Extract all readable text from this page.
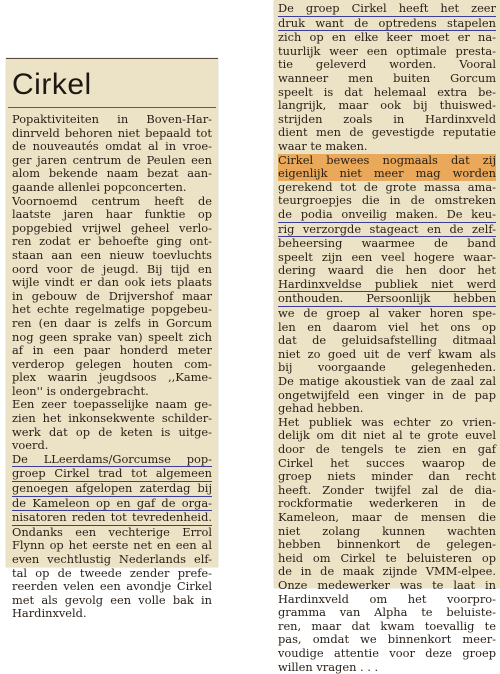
Cirkel
Popaktiviteiten in Boven-Har-
dinrveld behoren niet bepaald tot
de nouveautés omdat al in vroe-
ger jaren centrum de Peulen een
alom bekende naam bezat aan-
gaande allenlei popconcerten.
Voornoemd centrum heeft de
laatste jaren haar funktie op
popgebied vrijwel geheel verlo-
ren zodat er behoefte ging ont-
staan aan een nieuw toevluchts
oord voor de jeugd. Bij tijd en
wijle vindt er dan ook iets plaats
in gebouw de Drijvershof maar
het echte regelmatige popgebeu-
ren (en daar is zelfs in Gorcum
nog geen sprake van) speelt zich
af in een paar honderd meter
verderop gelegen houten com-
plex waarin jeugdsoos ,,Kame-
leon'' is ondergebracht.
Een zeer toepasselijke naam ge-
zien het inkonsekwente schilder-
werk dat op de keten is uitge-
voerd.
De LLeerdams/Gorcumse pop-
groep Cirkel trad tot algemeen
genoegen afgelopen zaterdag bij
de Kameleon op en gaf de orga-
nisatoren reden tot tevredenheid.
Ondanks een vechterige Errol
Flynn op het eerste net en een al
even vechtlustig Nederlands elf-
tal op de tweede zender prefe-
reerden velen een avondje Cirkel
met als gevolg een volle bak in
Hardinxveld.
De groep Cirkel heeft het zeer
druk want de optredens stapelen
zich op en elke keer moet er na-
tuurlijk weer een optimale presta-
tie geleverd worden. Vooral
wanneer men buiten Gorcum
speelt is dat helemaal extra be-
langrijk, maar ook bij thuiswed-
strijden zoals in Hardinxveld
dient men de gevestigde reputatie
waar te maken.
Cirkel bewees nogmaals dat zij
eigenlijk niet meer mag worden
gerekend tot de grote massa ama-
teurgroepjes die in de omstreken
de podia onveilig maken. De keu-
rig verzorgde stageact en de zelf-
beheersing waarmee de band
speelt zijn een veel hogere waar-
dering waard die hen door het
Hardinxveldse publiek niet werd
onthouden. Persoonlijk hebben
we de groep al vaker horen spe-
len en daarom viel het ons op
dat de geluidsafstelling ditmaal
niet zo goed uit de verf kwam als
bij voorgaande gelegenheden.
De matige akoustiek van de zaal zal
ongetwijfeld een vinger in de pap
gehad hebben.
Het publiek was echter zo vrien-
delijk om dit niet al te grote euvel
door de tengels te zien en gaf
Cirkel het succes waarop de
groep niets minder dan recht
heeft. Zonder twijfel zal de dia-
rockformatie wederkeren in de
Kameleon, maar de mensen die
niet zolang kunnen wachten
hebben binnenkort de gelegen-
heid om Cirkel te beluisteren op
de in de maak zijnde VMM-elpee.
Onze medewerker was te laat in
Hardinxveld om het voorpro-
gramma van Alpha te beluiste-
ren, maar dat kwam toevallig te
pas, omdat we binnenkort meer-
voudige attentie voor deze groep
willen vragen . . .
